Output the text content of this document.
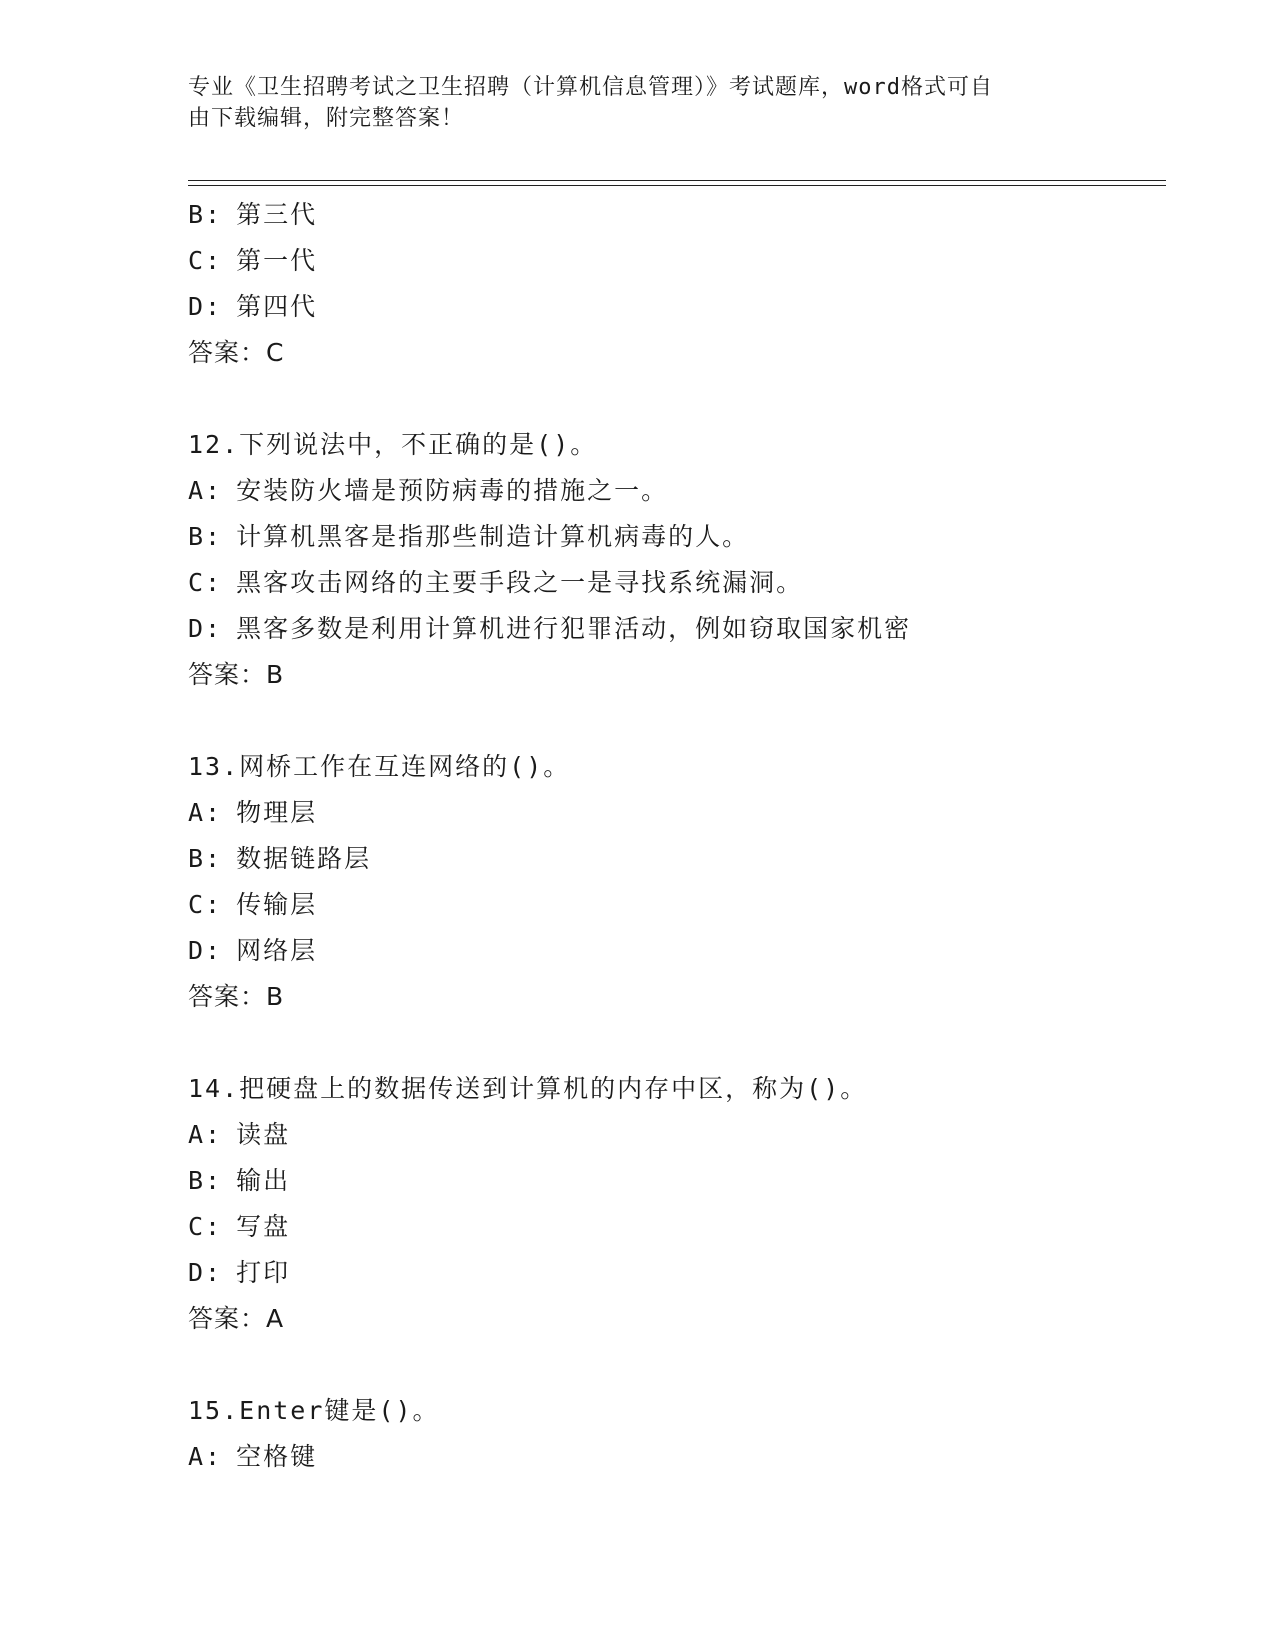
专业《卫生招聘考试之卫生招聘（计算机信息管理）》考试题库，word格式可自
由下载编辑，附完整答案！
B: 第三代
C: 第一代
D: 第四代
答案：C
12.下列说法中，不正确的是()。
A: 安装防火墙是预防病毒的措施之一。
B: 计算机黑客是指那些制造计算机病毒的人。
C: 黑客攻击网络的主要手段之一是寻找系统漏洞。
D: 黑客多数是利用计算机进行犯罪活动，例如窃取国家机密
答案：B
13.网桥工作在互连网络的()。
A: 物理层
B: 数据链路层
C: 传输层
D: 网络层
答案：B
14.把硬盘上的数据传送到计算机的内存中区，称为()。
A: 读盘
B: 输出
C: 写盘
D: 打印
答案：A
15.Enter键是()。
A: 空格键
